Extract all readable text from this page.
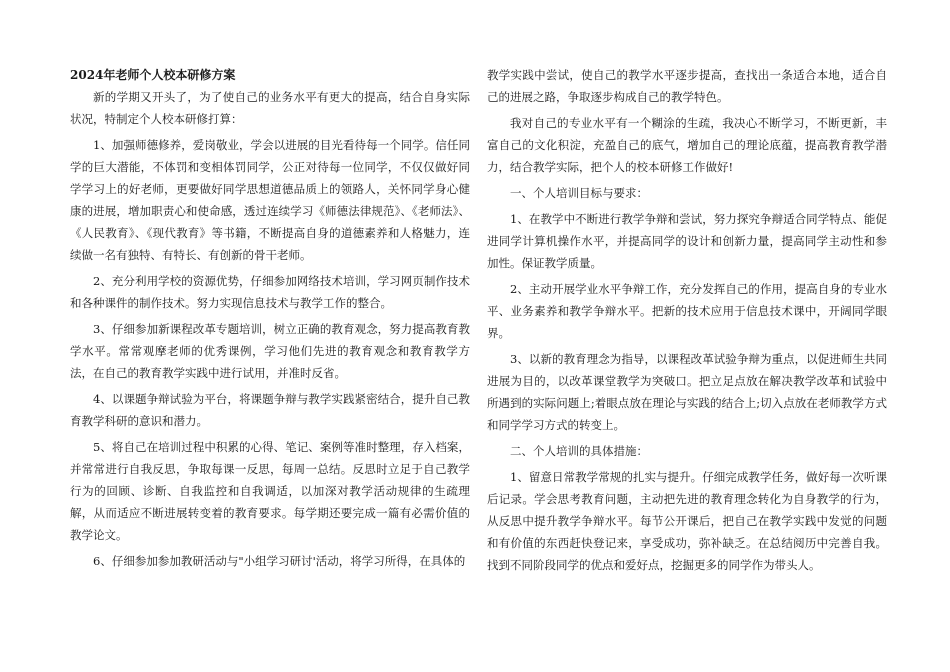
2024年老师个人校本研修方案

新的学期又开头了，为了使自己的业务水平有更大的提高，结合自身实际状况，特制定个人校本研修打算：

1、加强师德修养，爱岗敬业，学会以进展的目光看待每一个同学。信任同学的巨大潜能，不体罚和变相体罚同学，公正对待每一位同学，不仅仅做好同学学习上的好老师，更要做好同学思想道德品质上的领路人，关怀同学身心健康的进展，增加职责心和使命感，透过连续学习《师德法律规范》、《老师法》、《人民教育》、《现代教育》等书籍，不断提高自身的道德素养和人格魅力，连续做一名有独特、有特长、有创新的骨干老师。

2、充分利用学校的资源优势，仔细参加网络技术培训，学习网页制作技术和各种课件的制作技术。努力实现信息技术与教学工作的整合。

3、仔细参加新课程改革专题培训，树立正确的教育观念，努力提高教育教学水平。常常观摩老师的优秀课例，学习他们先进的教育观念和教育教学方法，在自己的教育教学实践中进行试用，并准时反省。

4、以课题争辩试验为平台，将课题争辩与教学实践紧密结合，提升自己教育教学科研的意识和潜力。

5、将自己在培训过程中积累的心得、笔记、案例等准时整理，存入档案，并常常进行自我反思，争取每课一反思，每周一总结。反思时立足于自己教学行为的回顾、诊断、自我监控和自我调适，以加深对教学活动规律的生疏理解，从而适应不断进展转变着的教育要求。每学期还要完成一篇有必需价值的教学论文。

6、仔细参加参加教研活动与"小组学习研讨'活动，将学习所得，在具体的

教学实践中尝试，使自己的教学水平逐步提高，查找出一条适合本地，适合自己的进展之路，争取逐步构成自己的教学特色。

我对自己的专业水平有一个糊涂的生疏，我决心不断学习，不断更新，丰富自己的文化积淀，充盈自己的底气，增加自己的理论底蕴，提高教育教学潜力，结合教学实际，把个人的校本研修工作做好!

一、个人培训目标与要求：

1、在教学中不断进行教学争辩和尝试，努力探究争辩适合同学特点、能促进同学计算机操作水平，并提高同学的设计和创新力量，提高同学主动性和参加性。保证教学质量。

2、主动开展学业水平争辩工作，充分发挥自己的作用，提高自身的专业水平、业务素养和教学争辩水平。把新的技术应用于信息技术课中，开阔同学眼界。

3、以新的教育理念为指导，以课程改革试验争辩为重点，以促进师生共同进展为目的，以改革课堂教学为突破口。把立足点放在解决教学改革和试验中所遇到的实际问题上;着眼点放在理论与实践的结合上;切入点放在老师教学方式和同学学习方式的转变上。

二、个人培训的具体措施：

1、留意日常教学常规的扎实与提升。仔细完成教学任务，做好每一次听课后记录。学会思考教育问题，主动把先进的教育理念转化为自身教学的行为，从反思中提升教学争辩水平。每节公开课后，把自己在教学实践中发觉的问题和有价值的东西赶快登记来，享受成功，弥补缺乏。在总结阅历中完善自我。找到不同阶段同学的优点和爱好点，挖掘更多的同学作为带头人。
